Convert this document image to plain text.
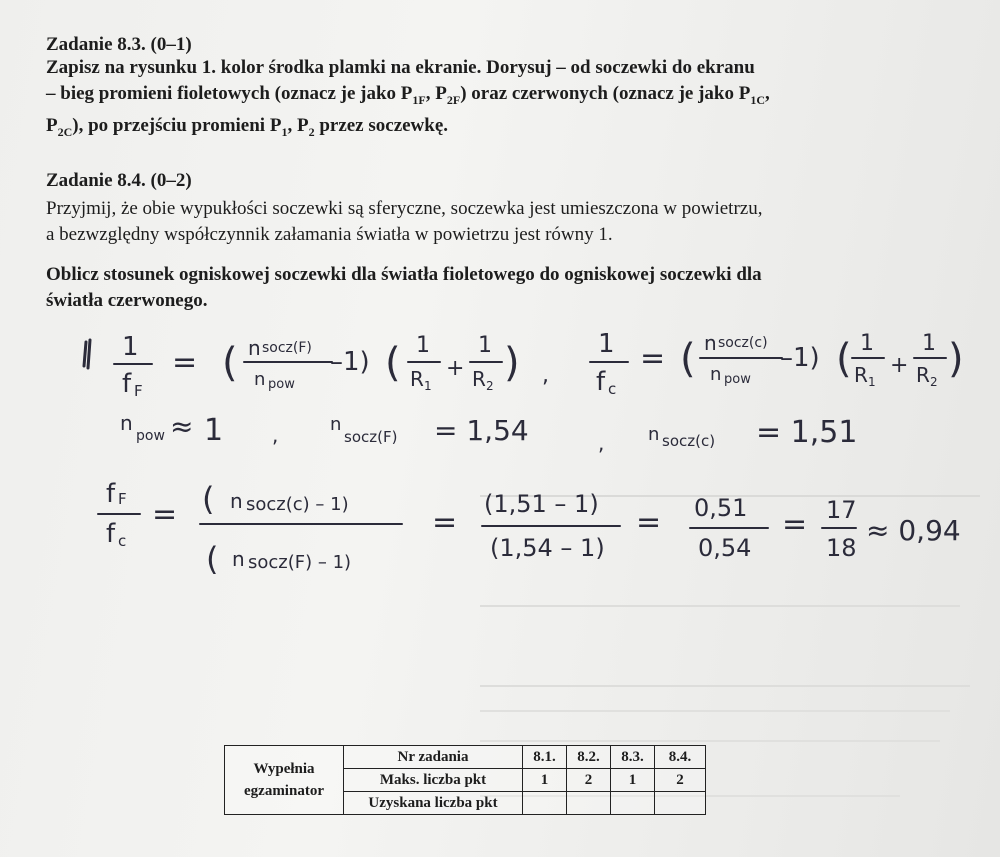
Zadanie 8.3. (0–1)
Zapisz na rysunku 1. kolor środka plamki na ekranie. Dorysuj – od soczewki do ekranu
– bieg promieni fioletowych (oznacz je jako $P_{1F}$, $P_{2F}$) oraz czerwonych (oznacz je jako $P_{1C}$,
$P_{2C}$), po przejściu promieni $P_1$, $P_2$ przez soczewkę.
Zadanie 8.4. (0–2)
Przyjmij, że obie wypukłości soczewki są sferyczne, soczewka jest umieszczona w powietrzu,
a bezwzględny współczynnik załamania światła w powietrzu jest równy 1.
Oblicz stosunek ogniskowej soczewki dla światła fioletowego do ogniskowej soczewki dla
światła czerwonego.
1
f F
= ( n socz(F)
n pow
–1) ( 1
R 1
+
1
R 2 ) ,
1
f c
= ( n socz(c)
n pow
–1) ( 1
R 1
+
1
R 2 )
n
pow ≈ 1 ,	n
socz(F) = 1,54	, n socz(c) = 1,51
f F
f c
= ( n socz(c) – 1)
( n socz(F) – 1)
=
(1,51 – 1)
(1,54 – 1)
= 0,51
0,54
= 17
18
≈ 0,94
Wypełnia egzaminator	Nr zadania	8.1.	8.2.	8.3.	8.4.
	Maks. liczba pkt	1	2	1	2
	Uzyskana liczba pkt				
